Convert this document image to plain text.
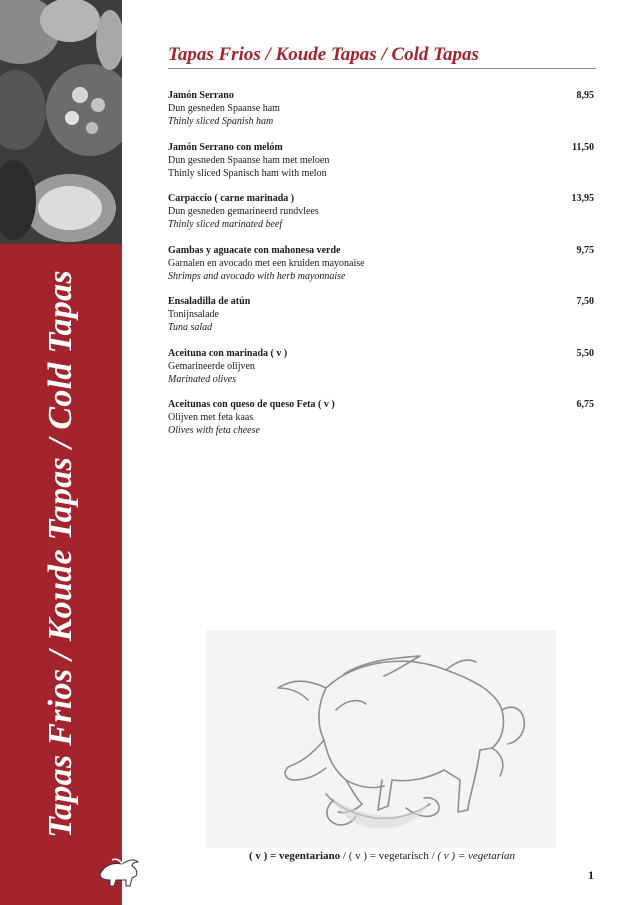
Tapas Frios / Koude Tapas / Cold Tapas
Tapas Frios / Koude Tapas / Cold Tapas
Jamón Serrano
Dun gesneden Spaanse ham
Thinly sliced Spanish ham
8,95
Jamón Serrano con melóm
Dun gesneden Spaanse ham met meloen
Thinly sliced Spanisch ham with melon
11,50
Carpaccio ( carne marinada )
Dun gesneden gemarineerd rundvlees
Thinly sliced marinated beef
13,95
Gambas y aguacate con mahonesa verde
Garnalen en avocado met een kruiden mayonaise
Shrimps and avocado with herb mayonnaise
9,75
Ensaladilla de atún
Tonijnsalade
Tuna salad
7,50
Aceituna con marinada ( v )
Gemarineerde olijven
Marinated olives
5,50
Aceitunas con queso de queso Feta ( v )
Olijven met feta kaas
Olives with feta cheese
6,75
( v ) = vegentariano / ( v ) = vegetarisch / ( v ) = vegetarian
1
